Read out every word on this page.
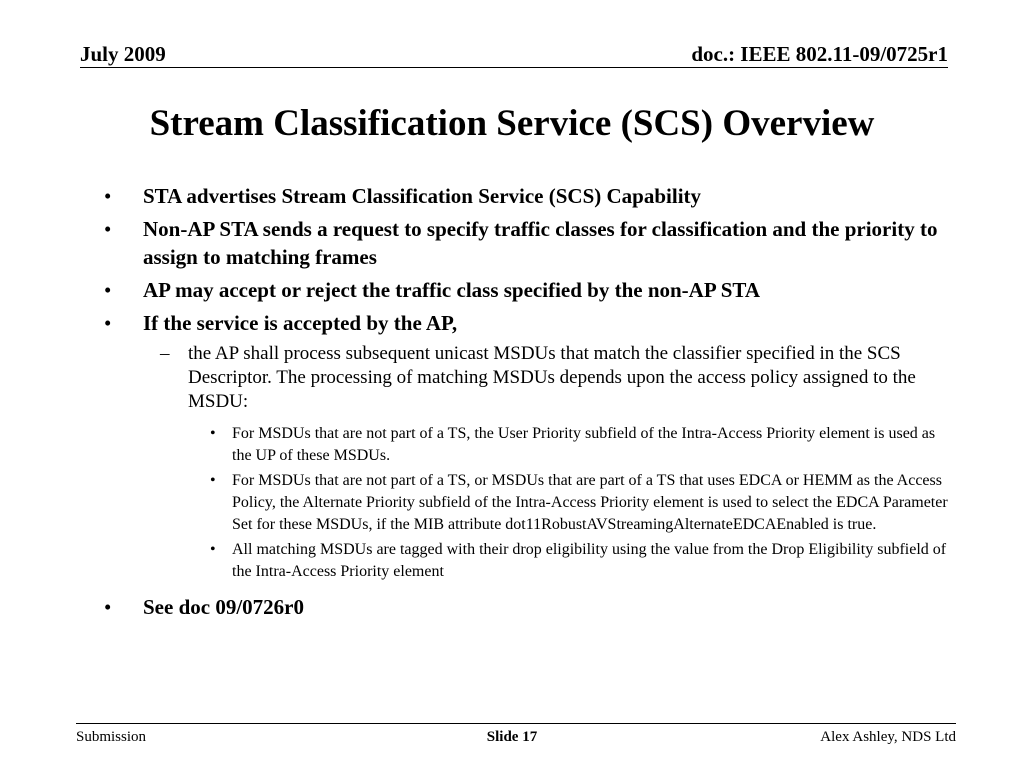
July 2009	doc.: IEEE 802.11-09/0725r1
Stream Classification Service (SCS) Overview
• STA advertises Stream Classification Service (SCS) Capability
• Non-AP STA sends a request to specify traffic classes for classification and the priority to assign to matching frames
• AP may accept or reject the traffic class specified by the non-AP STA
• If the service is accepted by the AP,
– the AP shall process subsequent unicast MSDUs that match the classifier specified in the SCS Descriptor. The processing of matching MSDUs depends upon the access policy assigned to the MSDU:
• For MSDUs that are not part of a TS, the User Priority subfield of the Intra-Access Priority element is used as the UP of these MSDUs.
• For MSDUs that are not part of a TS, or MSDUs that are part of a TS that uses EDCA or HEMM as the Access Policy, the Alternate Priority subfield of the Intra-Access Priority element is used to select the EDCA Parameter Set for these MSDUs, if the MIB attribute dot11RobustAVStreamingAlternateEDCAEnabled is true.
• All matching MSDUs are tagged with their drop eligibility using the value from the Drop Eligibility subfield of the Intra-Access Priority element
• See doc 09/0726r0
Submission	Slide 17	Alex Ashley, NDS Ltd
